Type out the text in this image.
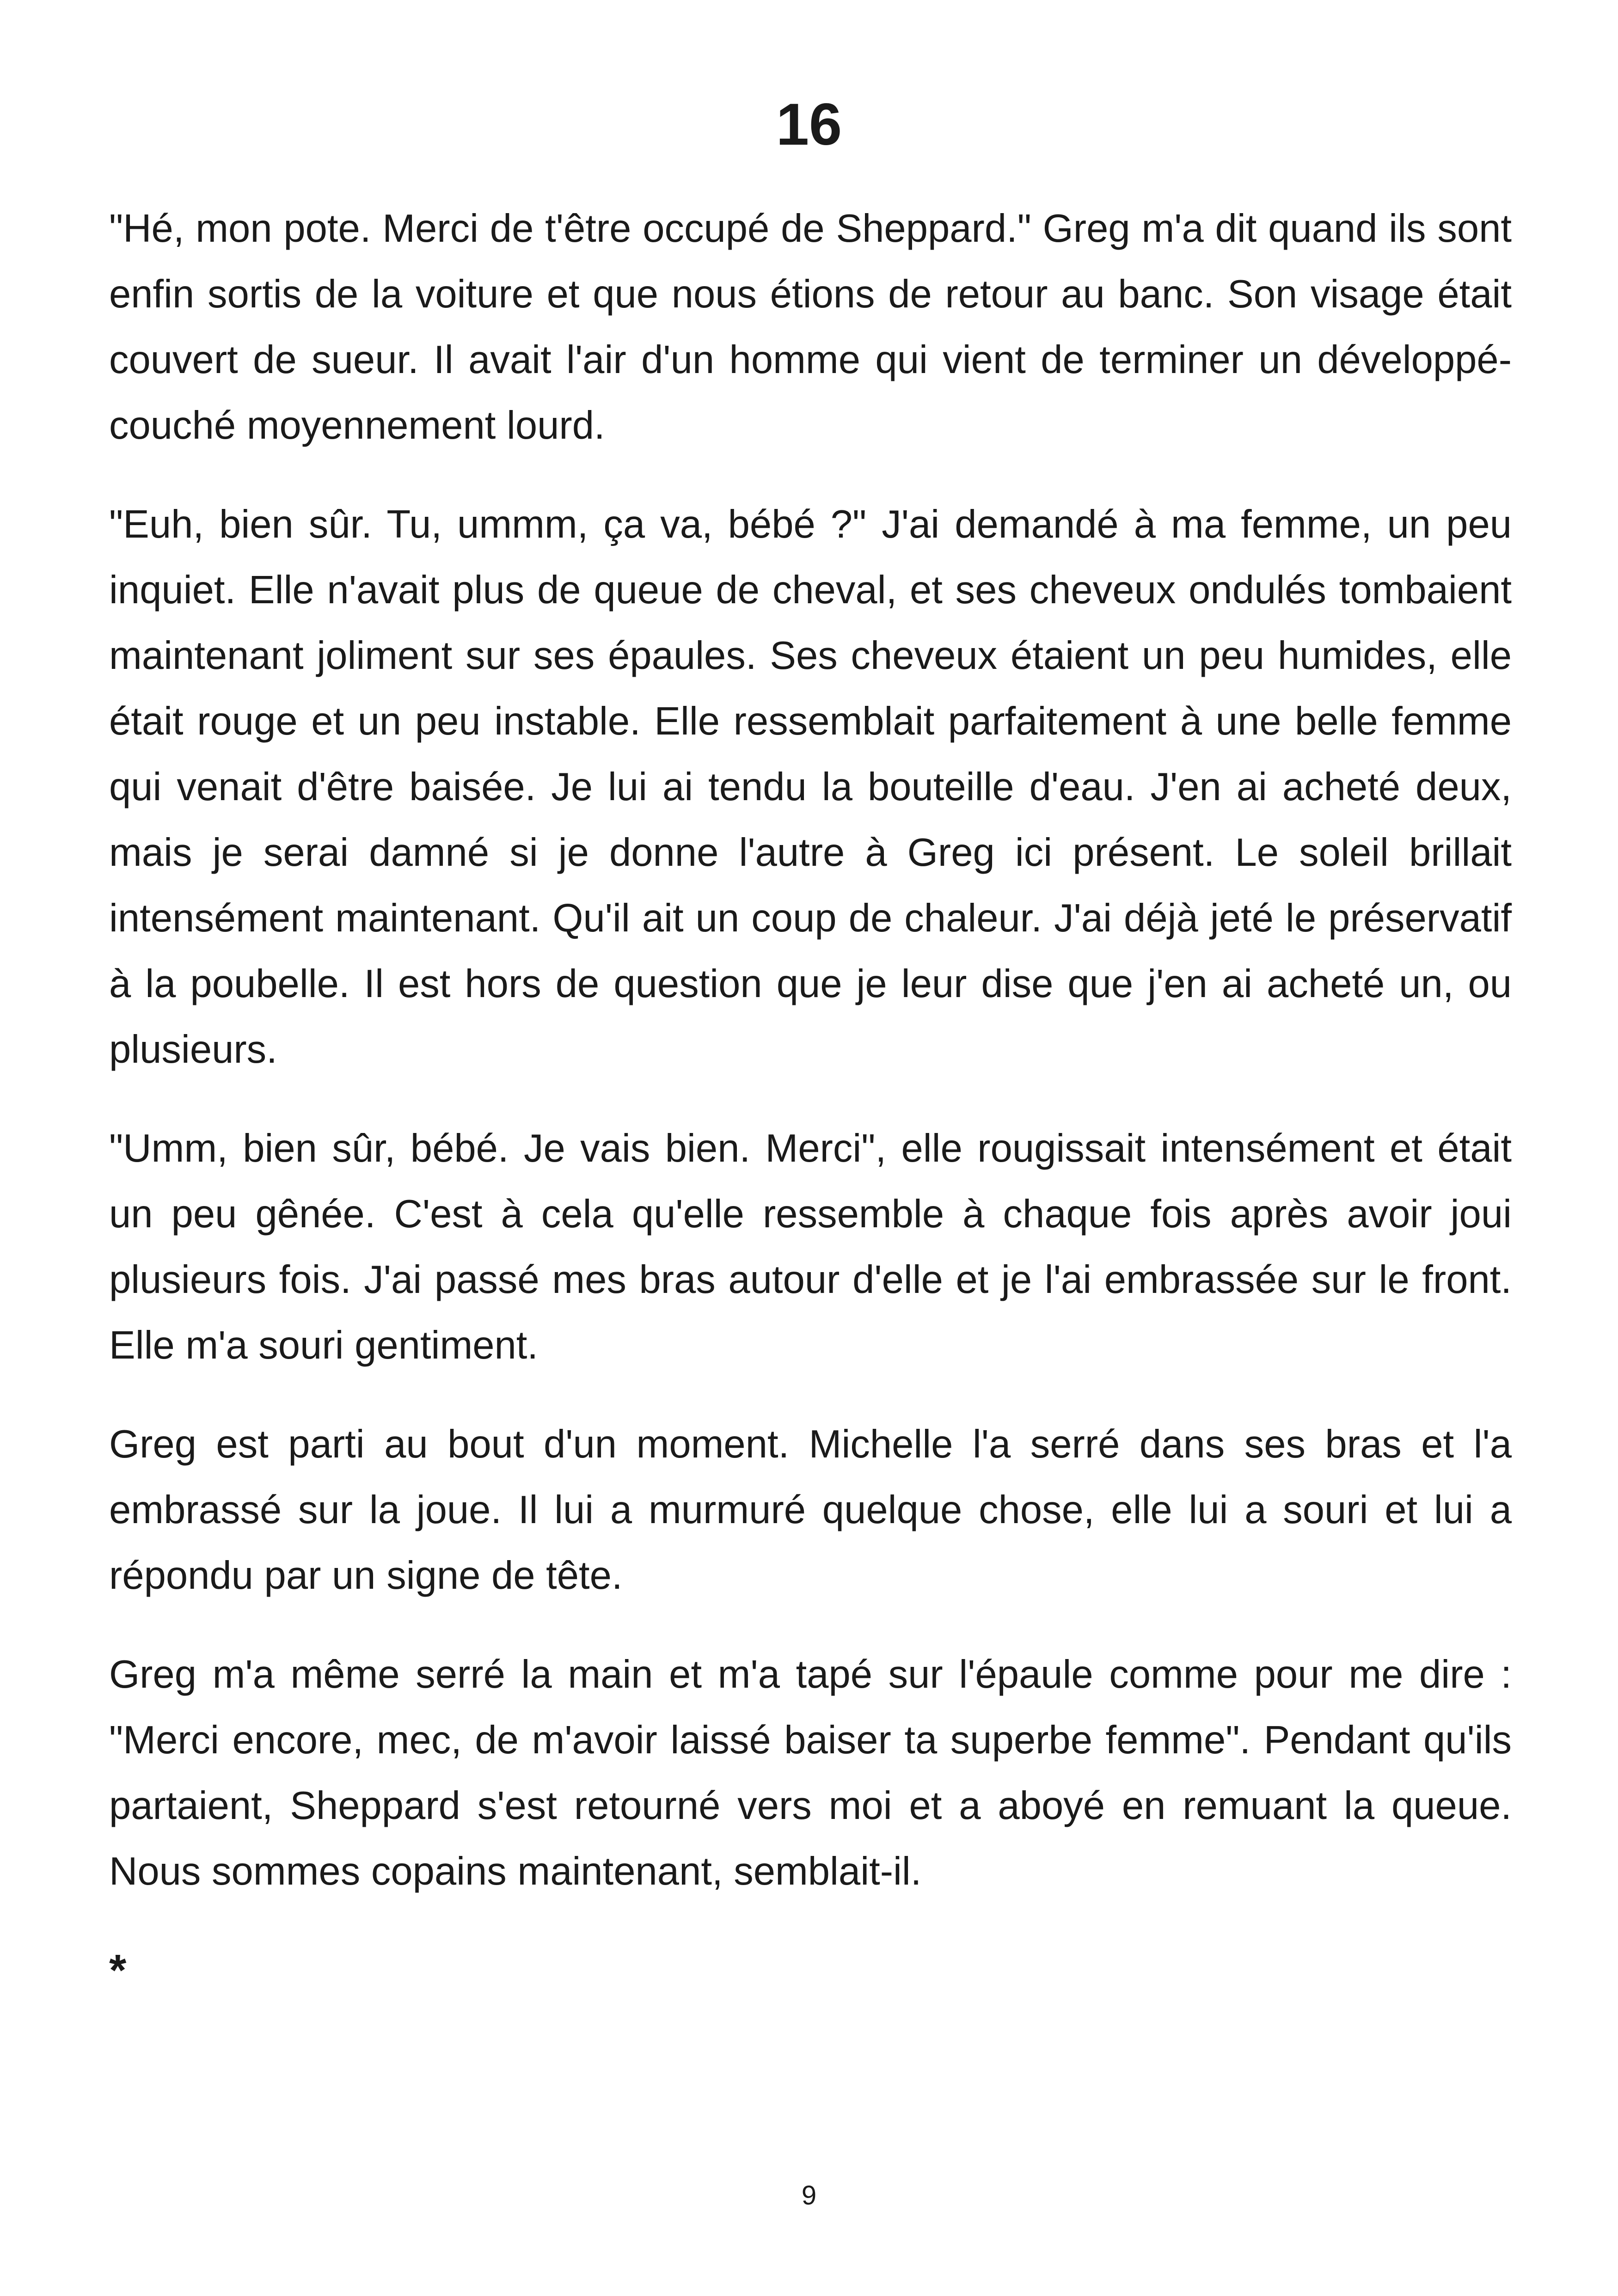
16

"Hé, mon pote. Merci de t'être occupé de Sheppard." Greg m'a dit quand ils sont enfin sortis de la voiture et que nous étions de retour au banc. Son visage était couvert de sueur. Il avait l'air d'un homme qui vient de terminer un développé-couché moyennement lourd.

"Euh, bien sûr. Tu, ummm, ça va, bébé ?" J'ai demandé à ma femme, un peu inquiet. Elle n'avait plus de queue de cheval, et ses cheveux ondulés tombaient maintenant joliment sur ses épaules. Ses cheveux étaient un peu humides, elle était rouge et un peu instable. Elle ressemblait parfaitement à une belle femme qui venait d'être baisée. Je lui ai tendu la bouteille d'eau. J'en ai acheté deux, mais je serai damné si je donne l'autre à Greg ici présent. Le soleil brillait intensément maintenant. Qu'il ait un coup de chaleur. J'ai déjà jeté le préservatif à la poubelle. Il est hors de question que je leur dise que j'en ai acheté un, ou plusieurs.

"Umm, bien sûr, bébé. Je vais bien. Merci", elle rougissait intensément et était un peu gênée. C'est à cela qu'elle ressemble à chaque fois après avoir joui plusieurs fois. J'ai passé mes bras autour d'elle et je l'ai embrassée sur le front. Elle m'a souri gentiment.

Greg est parti au bout d'un moment. Michelle l'a serré dans ses bras et l'a embrassé sur la joue. Il lui a murmuré quelque chose, elle lui a souri et lui a répondu par un signe de tête.

Greg m'a même serré la main et m'a tapé sur l'épaule comme pour me dire : "Merci encore, mec, de m'avoir laissé baiser ta superbe femme". Pendant qu'ils partaient, Sheppard s'est retourné vers moi et a aboyé en remuant la queue. Nous sommes copains maintenant, semblait-il.

*

9
